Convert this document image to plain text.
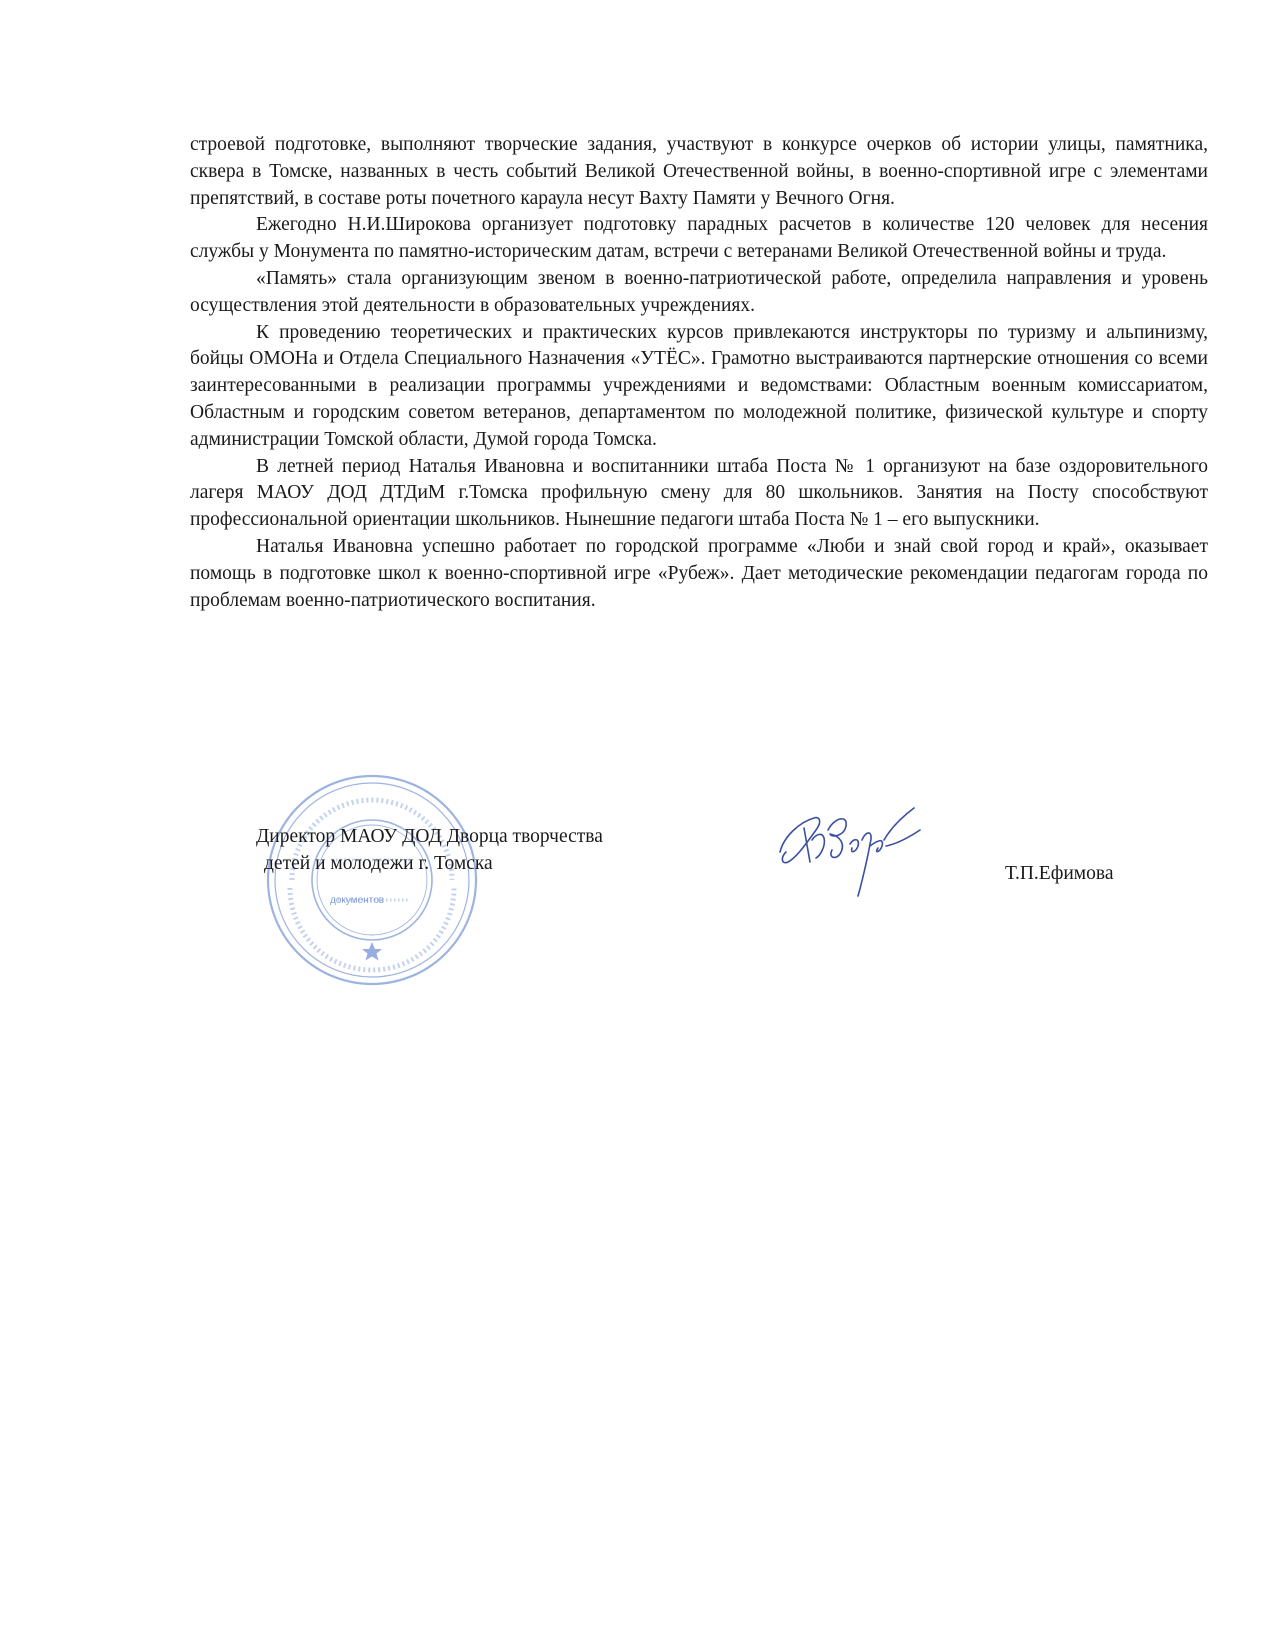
строевой подготовке, выполняют творческие задания, участвуют в конкурсе очерков об истории улицы, памятника, сквера в Томске, названных в честь событий Великой Отечественной войны, в военно-спортивной игре с элементами препятствий, в составе роты почетного караула несут Вахту Памяти у Вечного Огня.

Ежегодно Н.И.Широкова организует подготовку парадных расчетов в количестве 120 человек для несения службы у Монумента по памятно-историческим датам, встречи с ветеранами Великой Отечественной войны и труда.

«Память» стала организующим звеном в военно-патриотической работе, определила направления и уровень осуществления этой деятельности в образовательных учреждениях.

К проведению теоретических и практических курсов привлекаются инструкторы по туризму и альпинизму, бойцы ОМОНа и Отдела Специального Назначения «УТЁС». Грамотно выстраиваются партнерские отношения со всеми заинтересованными в реализации программы учреждениями и ведомствами: Областным военным комиссариатом, Областным и городским советом ветеранов, департаментом по молодежной политике, физической культуре и спорту администрации Томской области, Думой города Томска.

В летней период Наталья Ивановна и воспитанники штаба Поста № 1 организуют на базе оздоровительного лагеря МАОУ ДОД ДТДиМ г.Томска профильную смену для 80 школьников. Занятия на Посту способствуют профессиональной ориентации школьников. Нынешние педагоги штаба Поста № 1 – его выпускники.

Наталья Ивановна успешно работает по городской программе «Люби и знай свой город и край», оказывает помощь в подготовке школ к военно-спортивной игре «Рубеж». Дает методические рекомендации педагогам города по проблемам военно-патриотического воспитания.

документов
Директор МАОУ ДОД Дворца творчества
детей и молодежи г. Томска	Т.П.Ефимова
